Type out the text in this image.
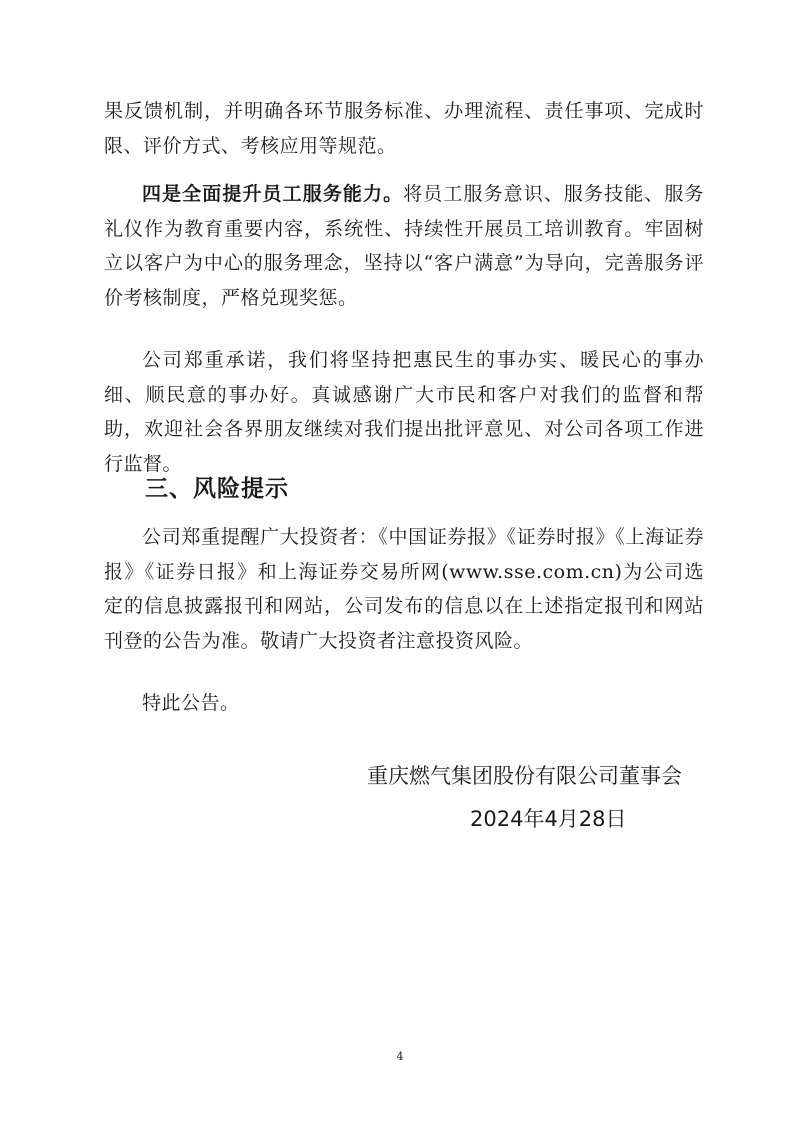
果反馈机制，并明确各环节服务标准、办理流程、责任事项、完成时限、评价方式、考核应用等规范。

四是全面提升员工服务能力。将员工服务意识、服务技能、服务礼仪作为教育重要内容，系统性、持续性开展员工培训教育。牢固树立以客户为中心的服务理念，坚持以“客户满意”为导向，完善服务评价考核制度，严格兑现奖惩。

公司郑重承诺，我们将坚持把惠民生的事办实、暖民心的事办细、顺民意的事办好。真诚感谢广大市民和客户对我们的监督和帮助，欢迎社会各界朋友继续对我们提出批评意见、对公司各项工作进行监督。

三、风险提示

公司郑重提醒广大投资者：《中国证券报》《证券时报》《上海证券报》《证券日报》和上海证券交易所网(www.sse.com.cn)为公司选定的信息披露报刊和网站，公司发布的信息以在上述指定报刊和网站刊登的公告为准。敬请广大投资者注意投资风险。

特此公告。

重庆燃气集团股份有限公司董事会

2024年4月28日

4
